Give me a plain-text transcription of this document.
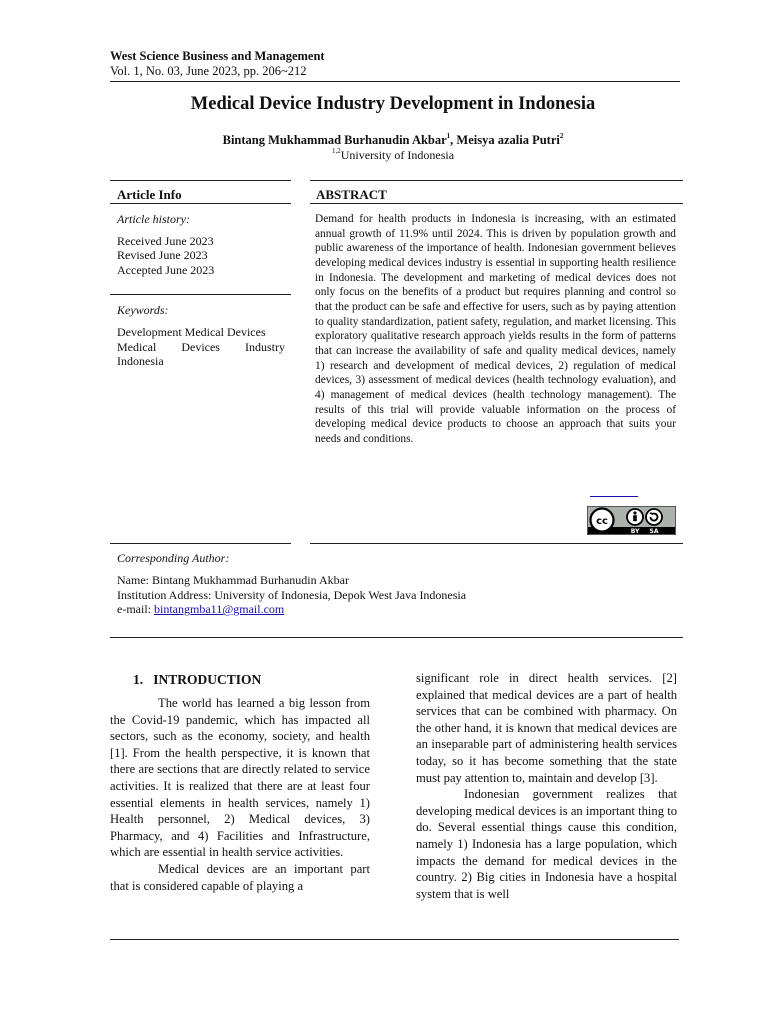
West Science Business and Management
Vol. 1, No. 03, June 2023, pp. 206~212
Medical Device Industry Development in Indonesia
Bintang Mukhammad Burhanudin Akbar$^1$, Meisya azalia Putri$^2$
$^{1,2}$University of Indonesia
Article Info	ABSTRACT
Article history:
Received June 2023
Revised June 2023
Accepted June 2023
Keywords:
Development Medical Devices
Medical Devices Industry
Indonesia
Demand for health products in Indonesia is increasing, with an estimated annual growth of 11.9% until 2024. This is driven by population growth and public awareness of the importance of health. Indonesian government believes developing medical devices industry is essential in supporting health resilience in Indonesia. The development and marketing of medical devices does not only focus on the benefits of a product but requires planning and control so that the product can be safe and effective for users, such as by paying attention to quality standardization, patient safety, regulation, and market licensing. This exploratory qualitative research approach yields results in the form of patterns that can increase the availability of safe and quality medical devices, namely 1) research and development of medical devices, 2) regulation of medical devices, 3) assessment of medical devices (health technology evaluation), and 4) management of medical devices (health technology management). The results of this trial will provide valuable information on the process of developing medical device products to choose an approach that suits your needs and conditions.
cc
BY SA
Corresponding Author:
Name: Bintang Mukhammad Burhanudin Akbar
Institution Address: University of Indonesia, Depok West Java Indonesia
e-mail: bintangmba11@gmail.com
1.   INTRODUCTION

The world has learned a big lesson from the Covid-19 pandemic, which has impacted all sectors, such as the economy, society, and health [1]. From the health perspective, it is known that there are sections that are directly related to service activities. It is realized that there are at least four essential elements in health services, namely 1) Health personnel, 2) Medical devices, 3) Pharmacy, and 4) Facilities and Infrastructure, which are essential in health service activities.

Medical devices are an important part that is considered capable of playing a

significant role in direct health services. [2] explained that medical devices are a part of health services that can be combined with pharmacy. On the other hand, it is known that medical devices are an inseparable part of administering health services today, so it has become something that the state must pay attention to, maintain and develop [3].

Indonesian government realizes that developing medical devices is an important thing to do. Several essential things cause this condition, namely 1) Indonesia has a large population, which impacts the demand for medical devices in the country. 2) Big cities in Indonesia have a hospital system that is well
